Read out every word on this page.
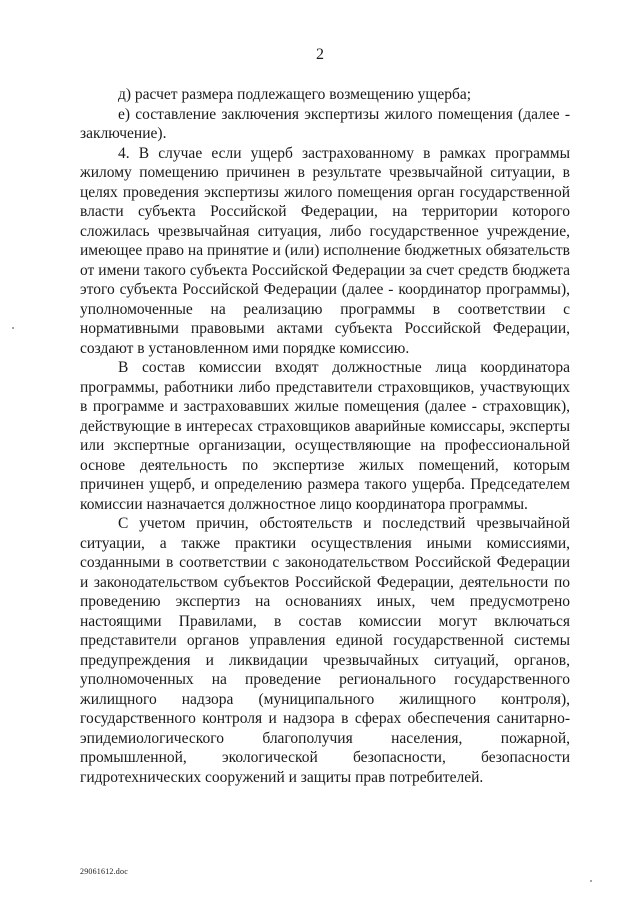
2

д) расчет размера подлежащего возмещению ущерба;

е) составление заключения экспертизы жилого помещения (далее - заключение).

4. В случае если ущерб застрахованному в рамках программы жилому помещению причинен в результате чрезвычайной ситуации, в целях проведения экспертизы жилого помещения орган государственной власти субъекта Российской Федерации, на территории которого сложилась чрезвычайная ситуация, либо государственное учреждение, имеющее право на принятие и (или) исполнение бюджетных обязательств от имени такого субъекта Российской Федерации за счет средств бюджета этого субъекта Российской Федерации (далее - координатор программы), уполномоченные на реализацию программы в соответствии с нормативными правовыми актами субъекта Российской Федерации, создают в установленном ими порядке комиссию.

В состав комиссии входят должностные лица координатора программы, работники либо представители страховщиков, участвующих в программе и застраховавших жилые помещения (далее - страховщик), действующие в интересах страховщиков аварийные комиссары, эксперты или экспертные организации, осуществляющие на профессиональной основе деятельность по экспертизе жилых помещений, которым причинен ущерб, и определению размера такого ущерба. Председателем комиссии назначается должностное лицо координатора программы.

С учетом причин, обстоятельств и последствий чрезвычайной ситуации, а также практики осуществления иными комиссиями, созданными в соответствии с законодательством Российской Федерации и законодательством субъектов Российской Федерации, деятельности по проведению экспертиз на основаниях иных, чем предусмотрено настоящими Правилами, в состав комиссии могут включаться представители органов управления единой государственной системы предупреждения и ликвидации чрезвычайных ситуаций, органов, уполномоченных на проведение регионального государственного жилищного надзора (муниципального жилищного контроля), государственного контроля и надзора в сферах обеспечения санитарно-эпидемиологического благополучия населения, пожарной, промышленной, экологической безопасности, безопасности гидротехнических сооружений и защиты прав потребителей.

29061612.doc
